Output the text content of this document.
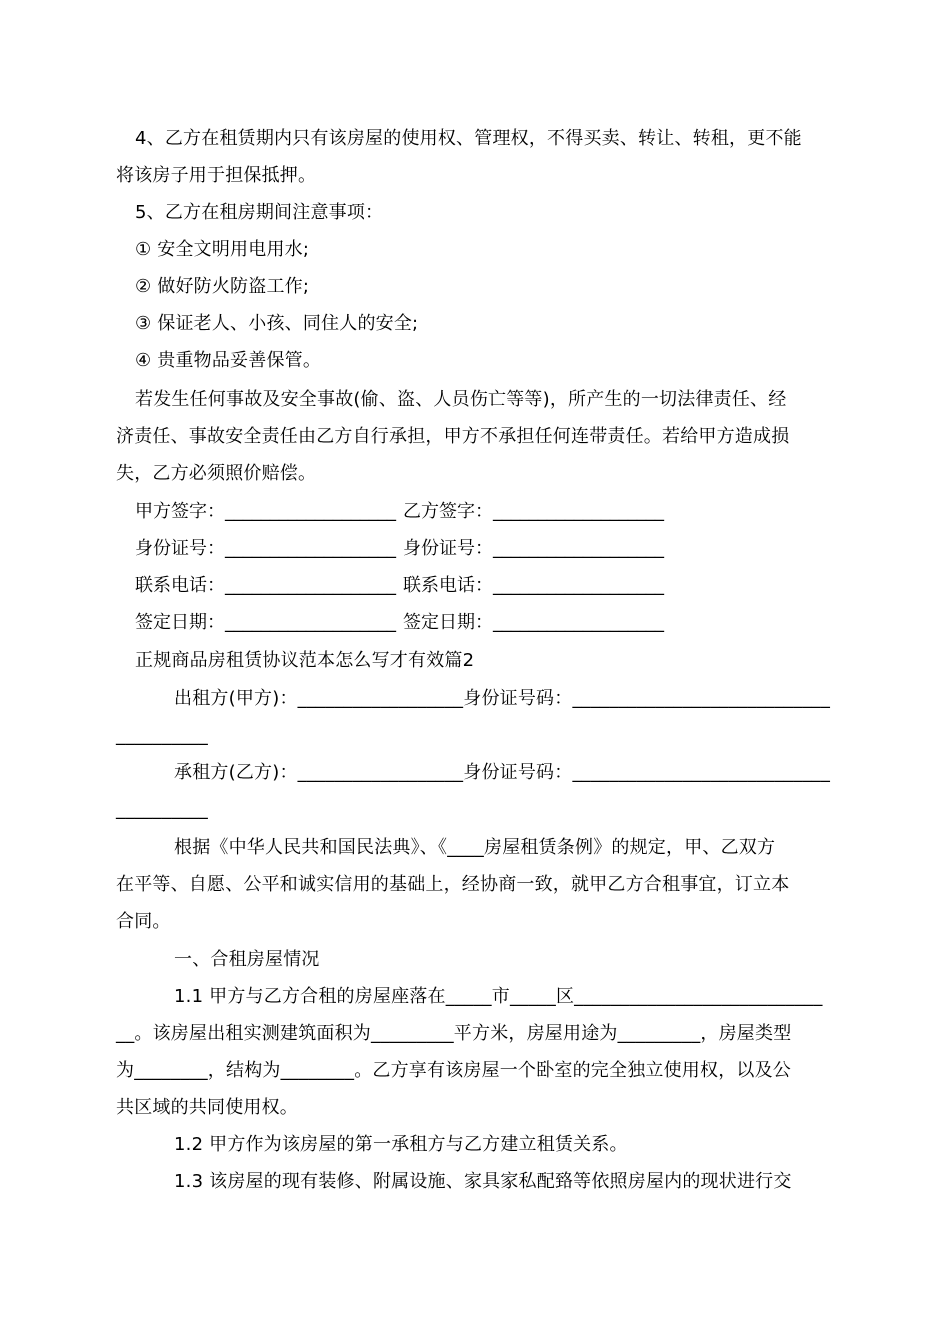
4、乙方在租赁期内只有该房屋的使用权、管理权，不得买卖、转让、转租，更不能
将该房子用于担保抵押。
5、乙方在租房期间注意事项：
① 安全文明用电用水;
② 做好防火防盗工作;
③ 保证老人、小孩、同住人的安全;
④ 贵重物品妥善保管。
若发生任何事故及安全事故(偷、盗、人员伤亡等等)，所产生的一切法律责任、经
济责任、事故安全责任由乙方自行承担，甲方不承担任何连带责任。若给甲方造成损
失，乙方必须照价赔偿。
甲方签字：___________________ 乙方签字：___________________
身份证号：___________________ 身份证号：___________________
联系电话：___________________ 联系电话：___________________
签定日期：___________________ 签定日期：___________________
正规商品房租赁协议范本怎么写才有效篇2
出租方(甲方)：__________________身份证号码：____________________________
__________
承租方(乙方)：__________________身份证号码：____________________________
__________
根据《中华人民共和国民法典》、《____房屋租赁条例》的规定，甲、乙双方
在平等、自愿、公平和诚实信用的基础上，经协商一致，就甲乙方合租事宜，订立本
合同。
一、合租房屋情况
1.1 甲方与乙方合租的房屋座落在_____市_____区___________________________
__。该房屋出租实测建筑面积为_________平方米，房屋用途为_________，房屋类型
为________，结构为________。乙方享有该房屋一个卧室的完全独立使用权，以及公
共区域的共同使用权。
1.2 甲方作为该房屋的第一承租方与乙方建立租赁关系。
1.3 该房屋的现有装修、附属设施、家具家私配臵等依照房屋内的现状进行交
